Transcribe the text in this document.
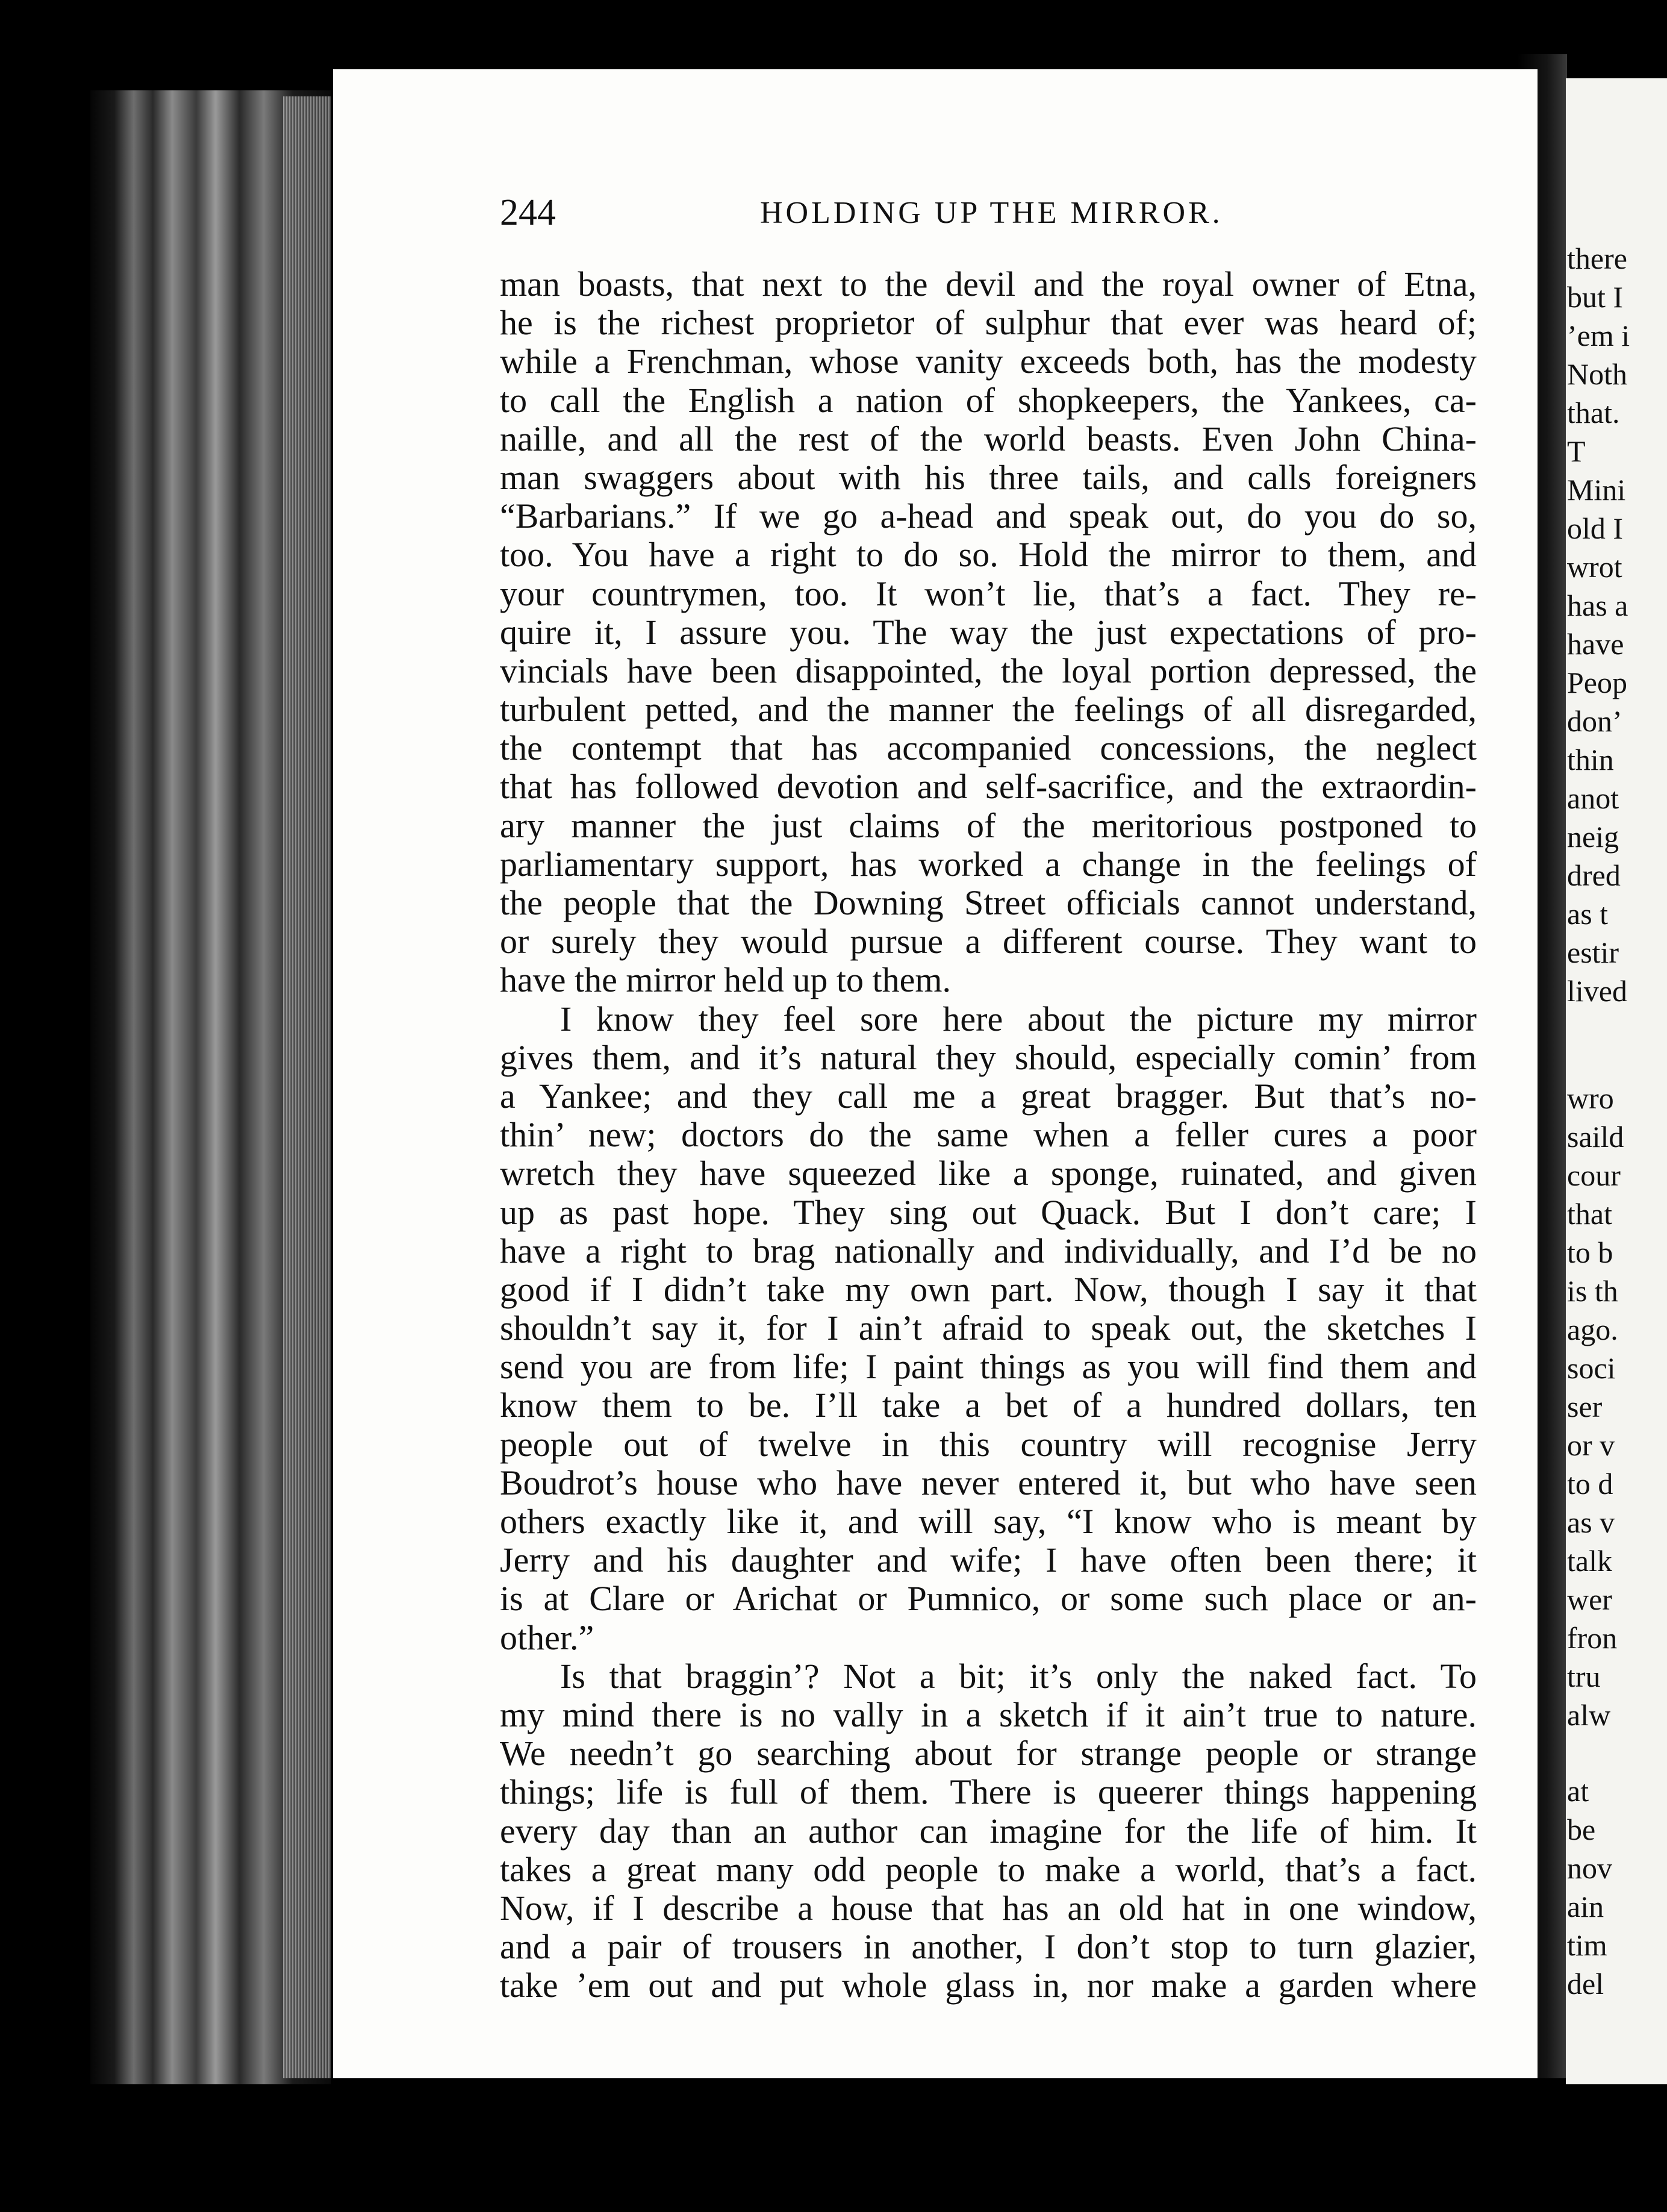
244	HOLDING UP THE MIRROR.
man boasts, that next to the devil and the royal owner of Etna,
he is the richest proprietor of sulphur that ever was heard of;
while a Frenchman, whose vanity exceeds both, has the modesty
to call the English a nation of shopkeepers, the Yankees, ca-
naille, and all the rest of the world beasts. Even John China-
man swaggers about with his three tails, and calls foreigners
“Barbarians.” If we go a-head and speak out, do you do so,
too. You have a right to do so. Hold the mirror to them, and
your countrymen, too. It won’t lie, that’s a fact. They re-
quire it, I assure you. The way the just expectations of pro-
vincials have been disappointed, the loyal portion depressed, the
turbulent petted, and the manner the feelings of all disregarded,
the contempt that has accompanied concessions, the neglect
that has followed devotion and self-sacrifice, and the extraordin-
ary manner the just claims of the meritorious postponed to
parliamentary support, has worked a change in the feelings of
the people that the Downing Street officials cannot understand,
or surely they would pursue a different course. They want to
have the mirror held up to them.
I know they feel sore here about the picture my mirror
gives them, and it’s natural they should, especially comin’ from
a Yankee; and they call me a great bragger. But that’s no-
thin’ new; doctors do the same when a feller cures a poor
wretch they have squeezed like a sponge, ruinated, and given
up as past hope. They sing out Quack. But I don’t care; I
have a right to brag nationally and individually, and I’d be no
good if I didn’t take my own part. Now, though I say it that
shouldn’t say it, for I ain’t afraid to speak out, the sketches I
send you are from life; I paint things as you will find them and
know them to be. I’ll take a bet of a hundred dollars, ten
people out of twelve in this country will recognise Jerry
Boudrot’s house who have never entered it, but who have seen
others exactly like it, and will say, “I know who is meant by
Jerry and his daughter and wife; I have often been there; it
is at Clare or Arichat or Pumnico, or some such place or an-
other.”
Is that braggin’? Not a bit; it’s only the naked fact. To
my mind there is no vally in a sketch if it ain’t true to nature.
We needn’t go searching about for strange people or strange
things; life is full of them. There is queerer things happening
every day than an author can imagine for the life of him. It
takes a great many odd people to make a world, that’s a fact.
Now, if I describe a house that has an old hat in one window,
and a pair of trousers in another, I don’t stop to turn glazier,
take ’em out and put whole glass in, nor make a garden where
there
but I
’em i
Noth
that.
T
Mini
old I
wrot
has a
have
Peop
don’
thin
anot
neig
dred
as t
estir
lived
wro
saild
cour
that
to b
is th
ago.
soci
ser
or v
to d
as v
talk
wer
fron
tru
alw
at
be
nov
ain
tim
del
